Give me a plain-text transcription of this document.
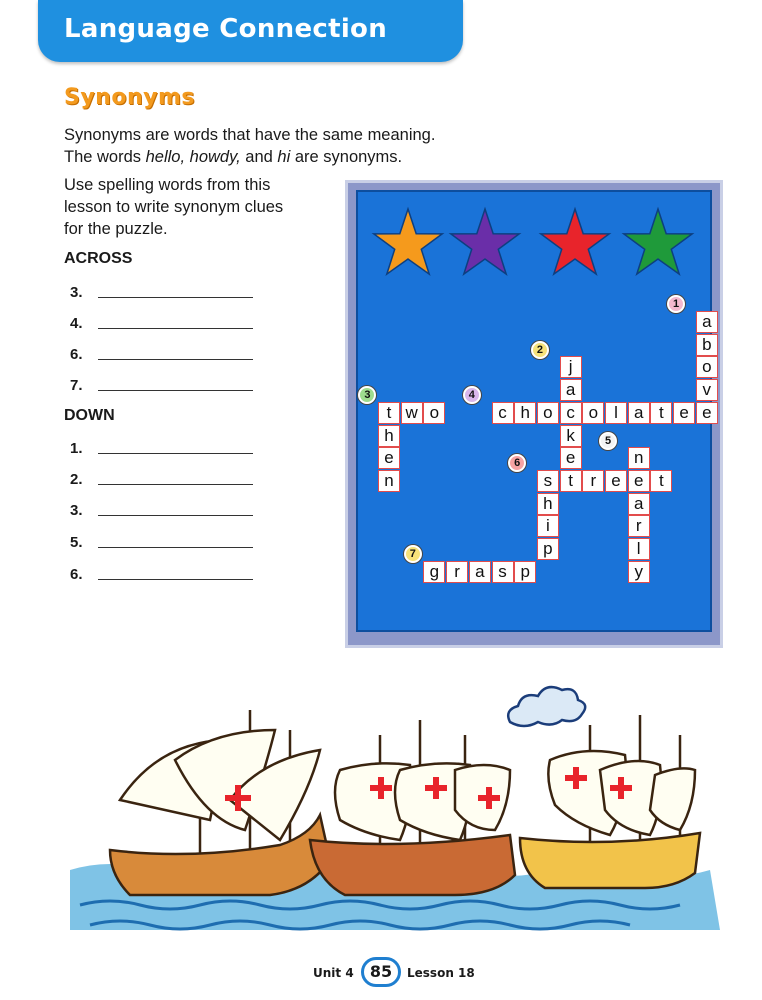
Language Connection
Synonyms

Synonyms are words that have the same meaning.

The words hello, howdy, and hi are synonyms.

Use spelling words from this
lesson to write synonym clues
for the puzzle.
ACROSS
3.
4.
6.
7.
DOWN
1.
2.
3.
5.
6.
a
b
o
v
e
j
a
c
k
e
t
t w o
h
e
n
c h o	o l a t e
n
e
a
r
l
y
s	r e	t
h
i
p
g r a s p
1
2
3	4
5
6
7
Unit 4	85	Lesson 18
